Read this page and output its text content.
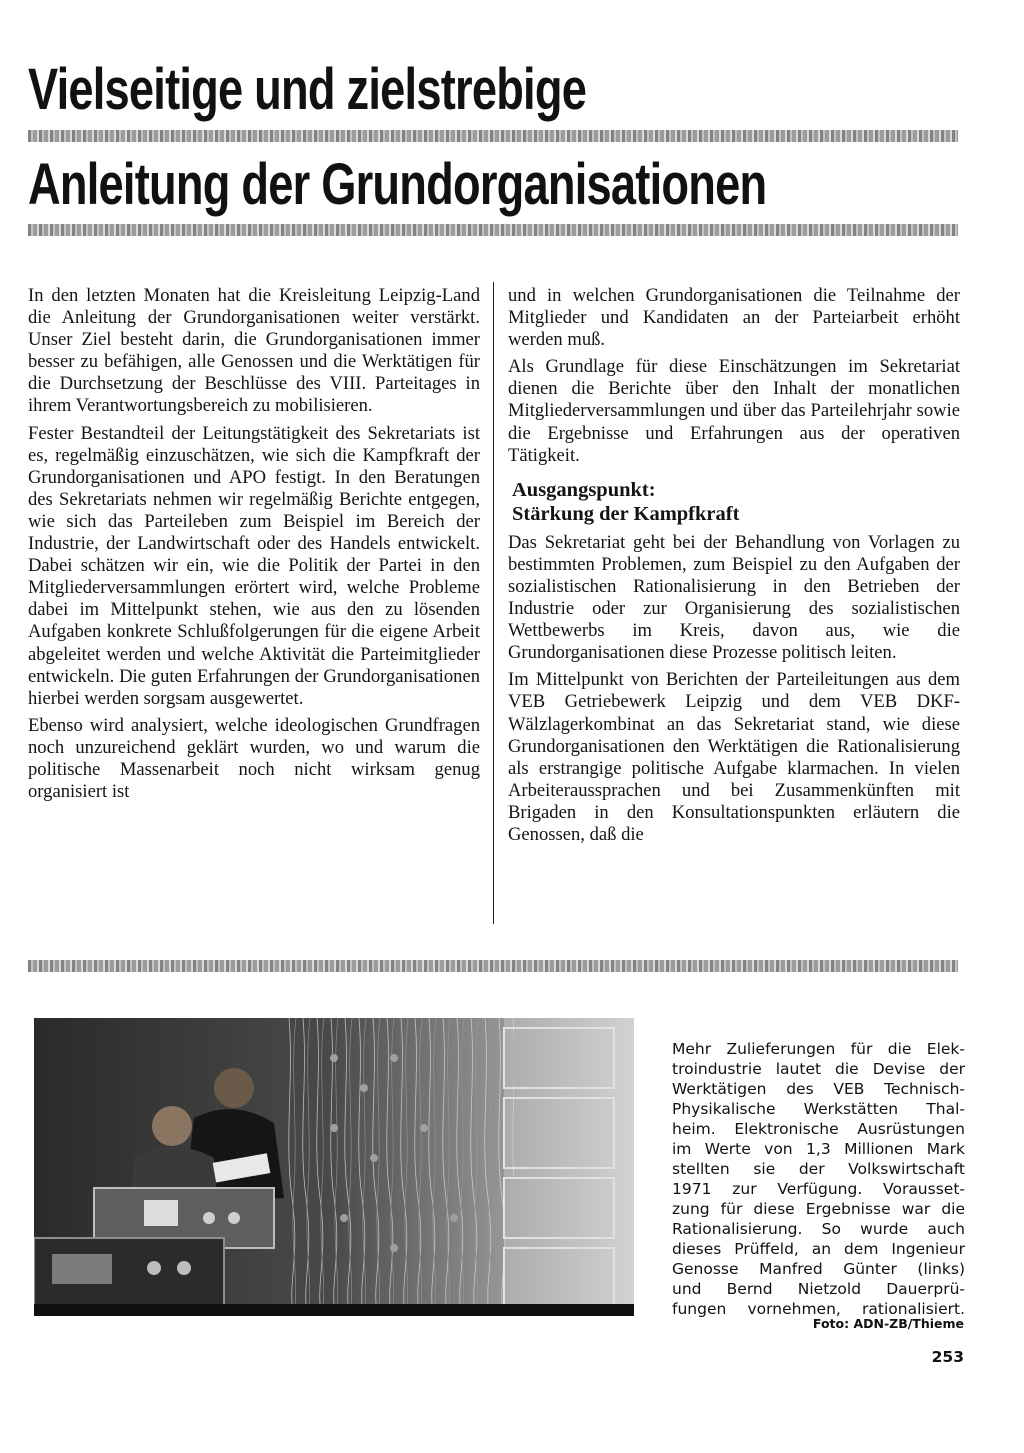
Vielseitige und zielstrebige
Anleitung der Grundorganisationen

In den letzten Monaten hat die Kreisleitung Leipzig-Land die Anleitung der Grundorganisationen weiter verstärkt. Unser Ziel besteht darin, die Grundorganisationen immer besser zu befähigen, alle Genossen und die Werktätigen für die Durchsetzung der Beschlüsse des VIII. Parteitages in ihrem Verantwortungsbereich zu mobilisieren.

Fester Bestandteil der Leitungstätigkeit des Sekretariats ist es, regelmäßig einzuschätzen, wie sich die Kampfkraft der Grundorganisationen und APO festigt. In den Beratungen des Sekretariats nehmen wir regelmäßig Berichte entgegen, wie sich das Parteileben zum Beispiel im Bereich der Industrie, der Landwirtschaft oder des Handels entwickelt. Dabei schätzen wir ein, wie die Politik der Partei in den Mitgliederversammlungen erörtert wird, welche Probleme dabei im Mittelpunkt stehen, wie aus den zu lösenden Aufgaben konkrete Schlußfolgerungen für die eigene Arbeit abgeleitet werden und welche Aktivität die Parteimitglieder entwickeln. Die guten Erfahrungen der Grundorganisationen hierbei werden sorgsam ausgewertet.

Ebenso wird analysiert, welche ideologischen Grundfragen noch unzureichend geklärt wurden, wo und warum die politische Massenarbeit noch nicht wirksam genug organisiert ist

und in welchen Grundorganisationen die Teilnahme der Mitglieder und Kandidaten an der Parteiarbeit erhöht werden muß.

Als Grundlage für diese Einschätzungen im Sekretariat dienen die Berichte über den Inhalt der monatlichen Mitgliederversammlungen und über das Parteilehrjahr sowie die Ergebnisse und Erfahrungen aus der operativen Tätigkeit.

Ausgangspunkt:
Stärkung der Kampfkraft

Das Sekretariat geht bei der Behandlung von Vorlagen zu bestimmten Problemen, zum Beispiel zu den Aufgaben der sozialistischen Rationalisierung in den Betrieben der Industrie oder zur Organisierung des sozialistischen Wettbewerbs im Kreis, davon aus, wie die Grundorganisationen diese Prozesse politisch leiten.

Im Mittelpunkt von Berichten der Parteileitungen aus dem VEB Getriebewerk Leipzig und dem VEB DKF-Wälzlagerkombinat an das Sekretariat stand, wie diese Grundorganisationen den Werktätigen die Rationalisierung als erstrangige politische Aufgabe klarmachen. In vielen Arbeiteraussprachen und bei Zusammenkünften mit Brigaden in den Konsultationspunkten erläutern die Genossen, daß die

Mehr Zulieferungen für die Elek-
troindustrie lautet die Devise der
Werktätigen des VEB Technisch-
Physikalische Werkstätten Thal-
heim. Elektronische Ausrüstungen
im Werte von 1,3 Millionen Mark
stellten sie der Volkswirtschaft
1971 zur Verfügung. Vorausset-
zung für diese Ergebnisse war die
Rationalisierung. So wurde auch
dieses Prüffeld, an dem Ingenieur
Genosse Manfred Günter (links)
und Bernd Nietzold Dauerprü-
fungen vornehmen, rationalisiert.
Foto: ADN-ZB/Thieme
253
